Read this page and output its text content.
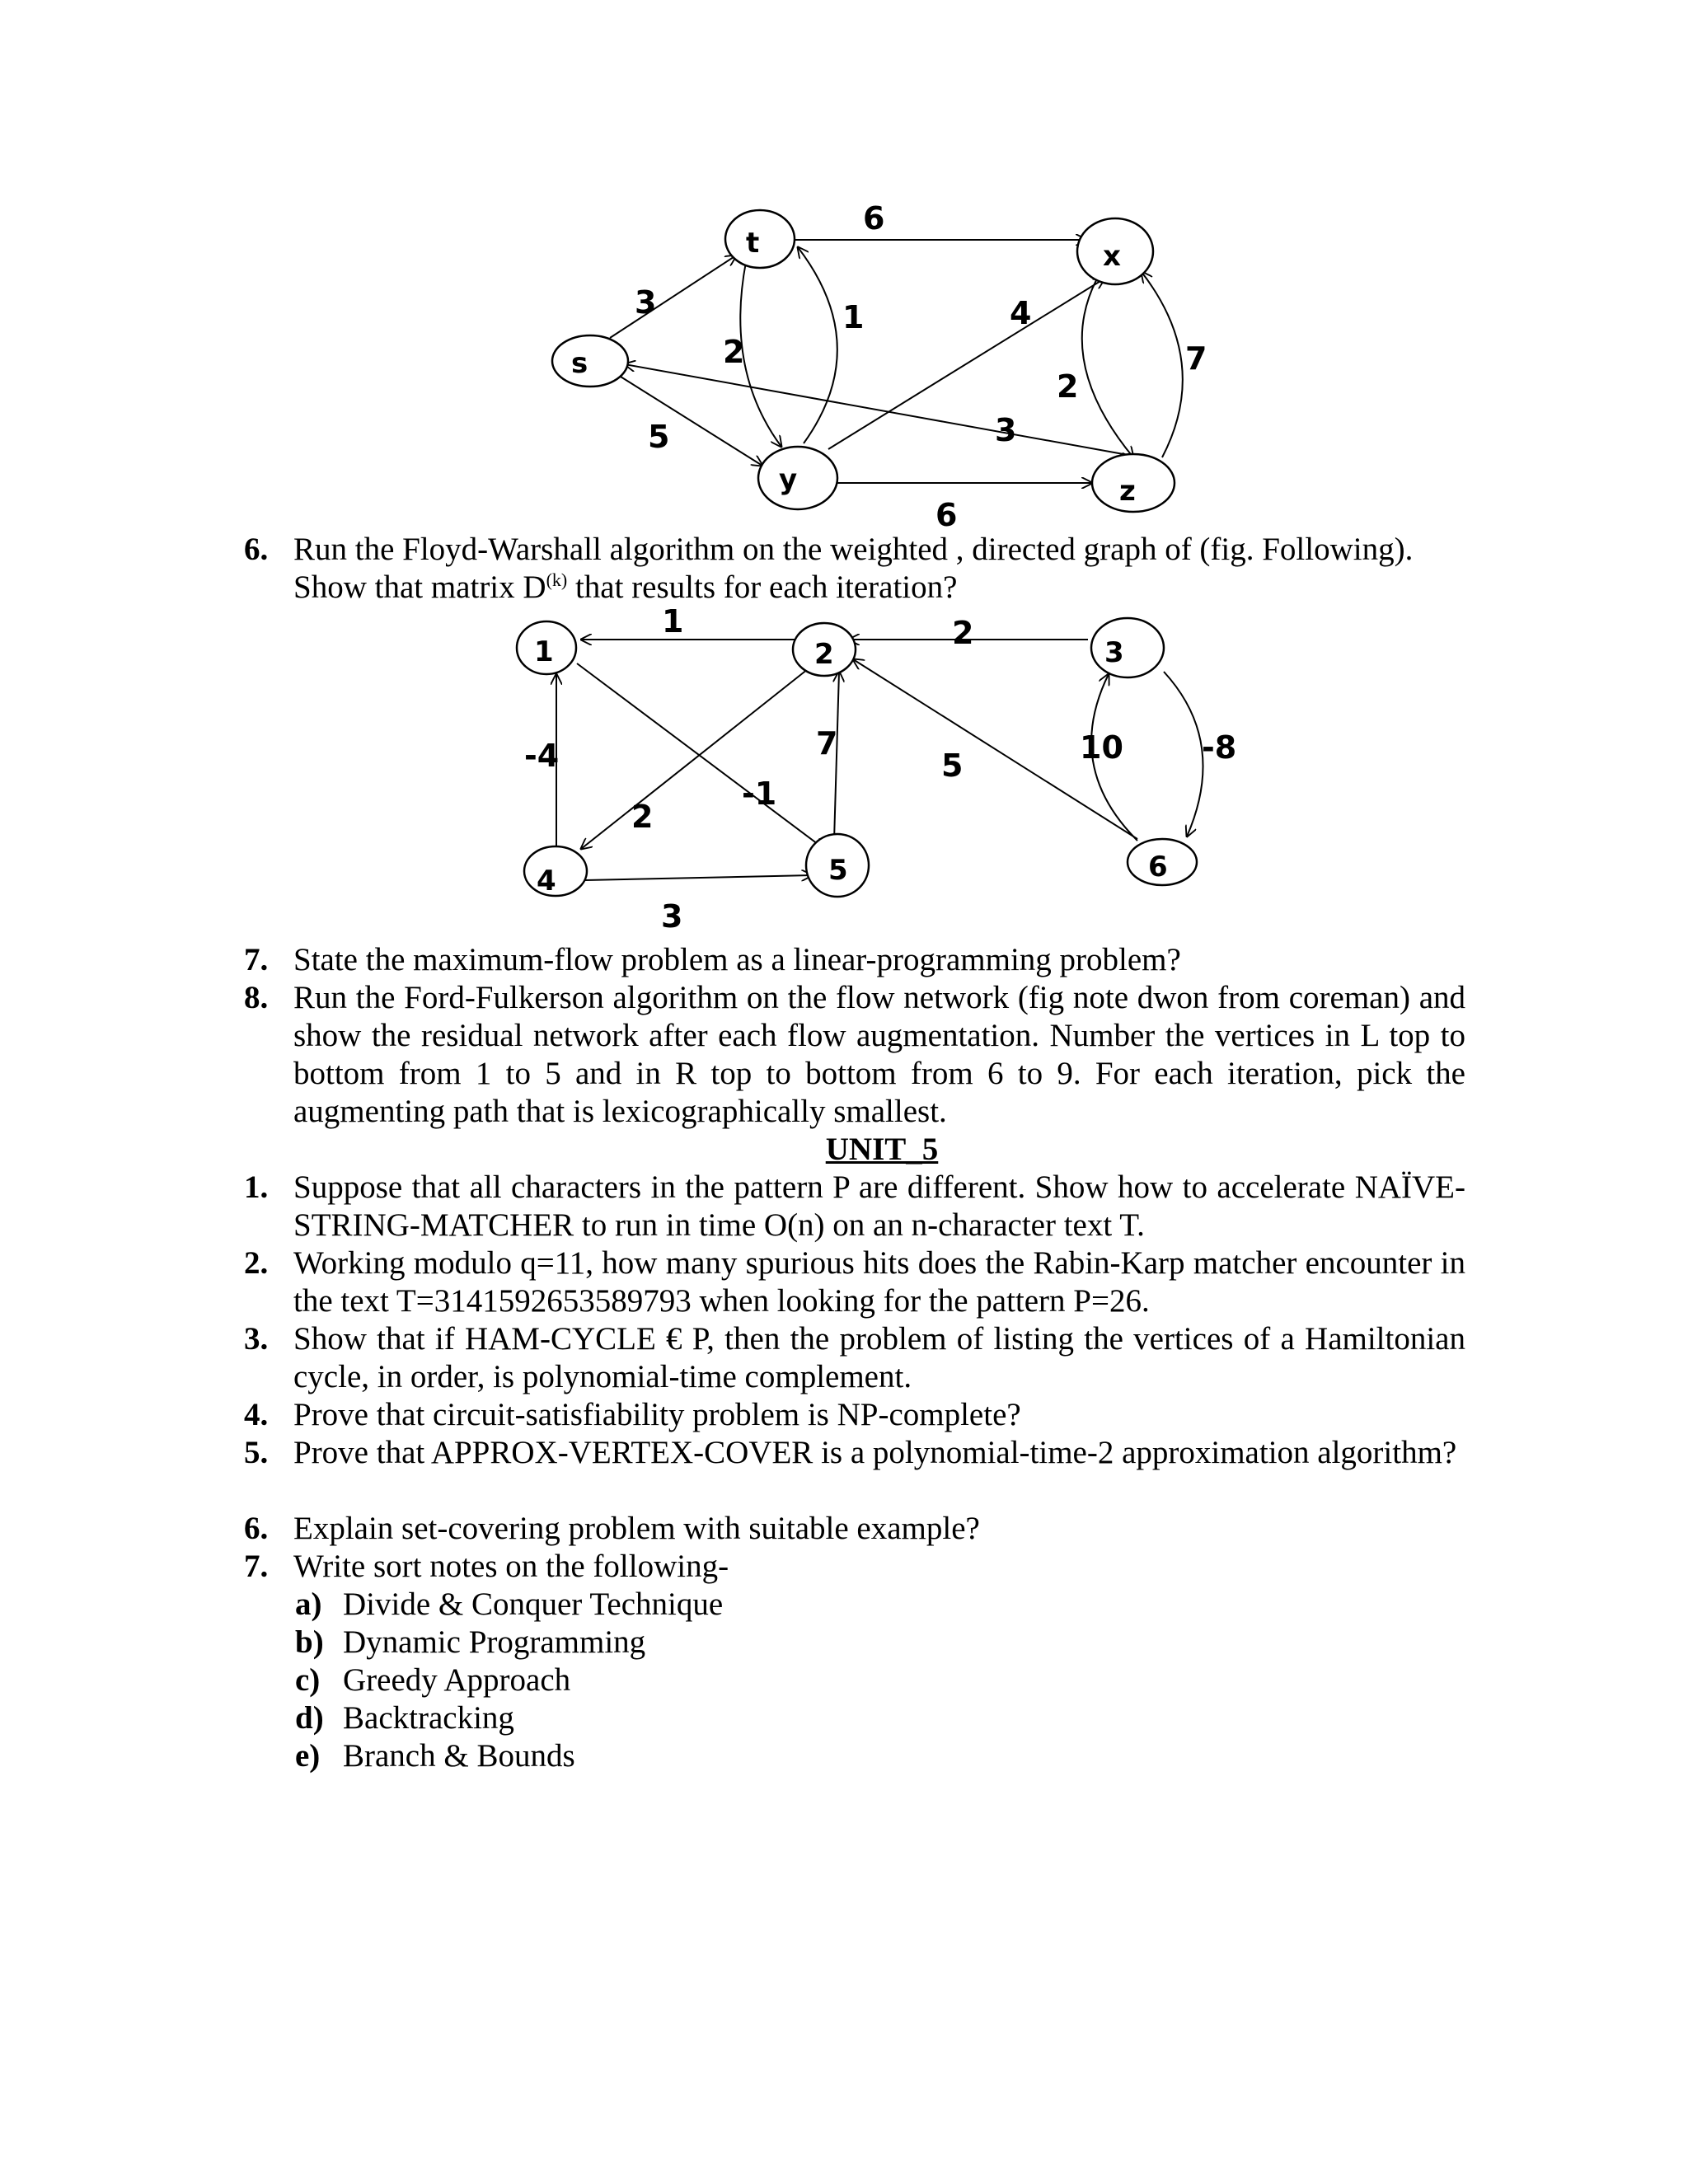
t	x
s
y	z
6
3
2
1	4
2
7
3
5
6
1	2	3
4	5	6
1	2
-4
2
-1
7
5	10	-8
3
6. Run the Floyd-Warshall algorithm on the weighted , directed graph of (fig. Following).
Show that matrix $D^{(k)}$ that results for each iteration?
7. State the maximum-flow problem as a linear-programming problem?
8. Run the Ford-Fulkerson algorithm on the flow network (fig note dwon from coreman) and show the residual network after each flow augmentation. Number the vertices in L top to bottom from 1 to 5 and in R top to bottom from 6 to 9. For each iteration, pick the augmenting path that is lexicographically smallest.
UNIT_5
1. Suppose that all characters in the pattern P are different. Show how to accelerate NAÏVE-STRING-MATCHER to run in time O(n) on an n-character text T.
2. Working modulo q=11, how many spurious hits does the Rabin-Karp matcher encounter in the text T=3141592653589793 when looking for the pattern P=26.
3. Show that if HAM-CYCLE € P, then the problem of listing the vertices of a Hamiltonian cycle, in order, is polynomial-time complement.
4. Prove that circuit-satisfiability problem is NP-complete?
5. Prove that APPROX-VERTEX-COVER is a polynomial-time-2 approximation algorithm?
6. Explain set-covering problem with suitable example?
7. Write sort notes on the following-
a) Divide & Conquer Technique
b) Dynamic Programming
c) Greedy Approach
d) Backtracking
e) Branch & Bounds
